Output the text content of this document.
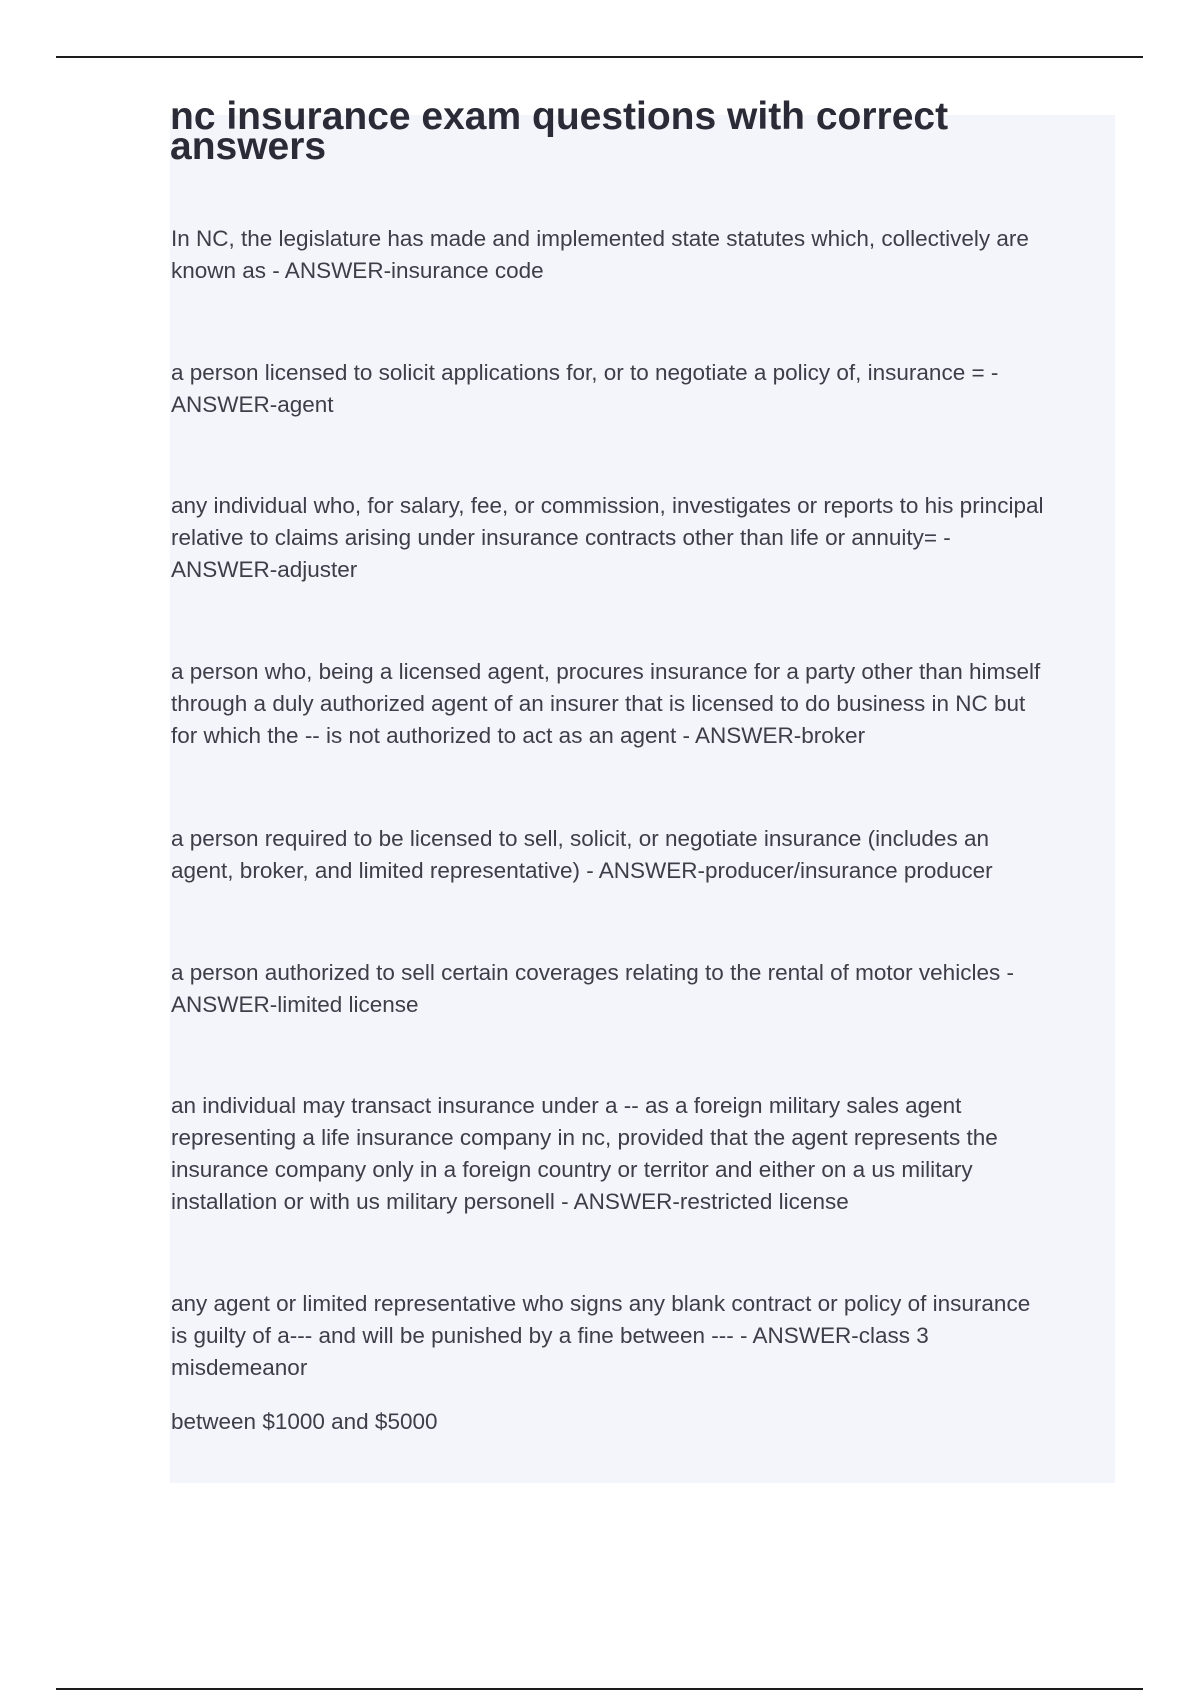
nc insurance exam questions with correct answers

In NC, the legislature has made and implemented state statutes which, collectively are
known as - ANSWER-insurance code

a person licensed to solicit applications for, or to negotiate a policy of, insurance = -
ANSWER-agent

any individual who, for salary, fee, or commission, investigates or reports to his principal
relative to claims arising under insurance contracts other than life or annuity= -
ANSWER-adjuster

a person who, being a licensed agent, procures insurance for a party other than himself
through a duly authorized agent of an insurer that is licensed to do business in NC but
for which the -- is not authorized to act as an agent - ANSWER-broker

a person required to be licensed to sell, solicit, or negotiate insurance (includes an
agent, broker, and limited representative) - ANSWER-producer/insurance producer

a person authorized to sell certain coverages relating to the rental of motor vehicles -
ANSWER-limited license

an individual may transact insurance under a -- as a foreign military sales agent
representing a life insurance company in nc, provided that the agent represents the
insurance company only in a foreign country or territor and either on a us military
installation or with us military personell - ANSWER-restricted license

any agent or limited representative who signs any blank contract or policy of insurance
is guilty of a--- and will be punished by a fine between --- - ANSWER-class 3
misdemeanor

between $1000 and $5000
